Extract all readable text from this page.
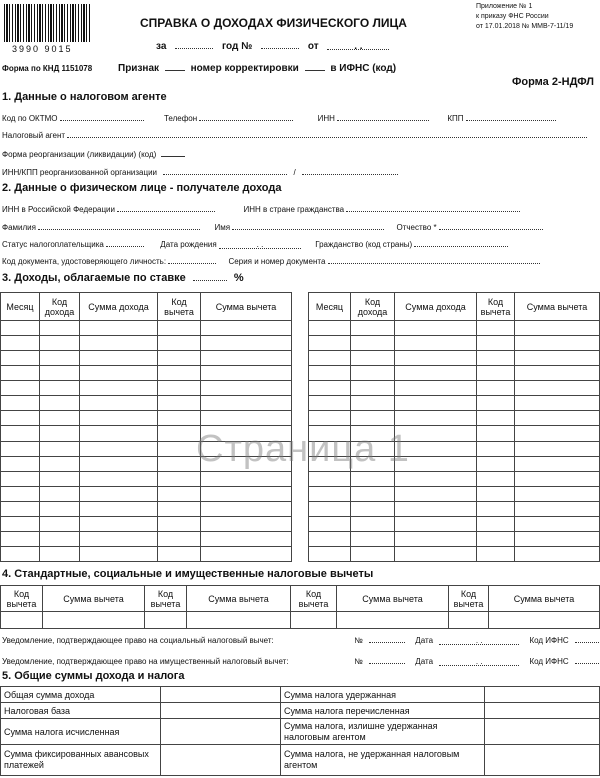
3990 9015
СПРАВКА О ДОХОДАХ ФИЗИЧЕСКОГО ЛИЦА
Приложение № 1
к приказу ФНС России
от 17.01.2018 № ММВ-7-11/19
за	год №	от	. .
Форма по КНД 1151078	Признак	номер корректировки	в ИФНС (код)
Форма 2-НДФЛ
1. Данные о налоговом агенте
Код по ОКТМО	Телефон	ИНН	КПП
Налоговый агент
Форма реорганизации (ликвидации) (код)
ИНН/КПП реорганизованной организации	/
2. Данные о физическом лице - получателе дохода
ИНН в Российской Федерации	ИНН в стране гражданства
Фамилия	Имя	Отчество *
Статус налогоплательщика	Дата рождения	. .	Гражданство (код страны)
Код документа, удостоверяющего личность:	Серия и номер документа
3. Доходы, облагаемые по ставке	%
Месяц	Код дохода	Сумма дохода	Код вычета	Сумма вычета

					Месяц	Код дохода	Сумма дохода	Код вычета	Сумма вычета

Страница 1
4. Стандартные, социальные и имущественные налоговые вычеты
Код вычета	Сумма вычета	Код вычета	Сумма вычета	Код вычета	Сумма вычета	Код вычета	Сумма вычета

Уведомление, подтверждающее право на социальный налоговый вычет:	№	Дата	. .	Код ИФНС
Уведомление, подтверждающее право на имущественный налоговый вычет:	№	Дата	. .	Код ИФНС
5. Общие суммы дохода и налога
Общая сумма дохода		Сумма налога удержанная	
Налоговая база		Сумма налога перечисленная	
Сумма налога исчисленная		Сумма налога, излишне удержанная налоговым агентом	
Сумма фиксированных авансовых платежей		Сумма налога, не удержанная налоговым агентом	
